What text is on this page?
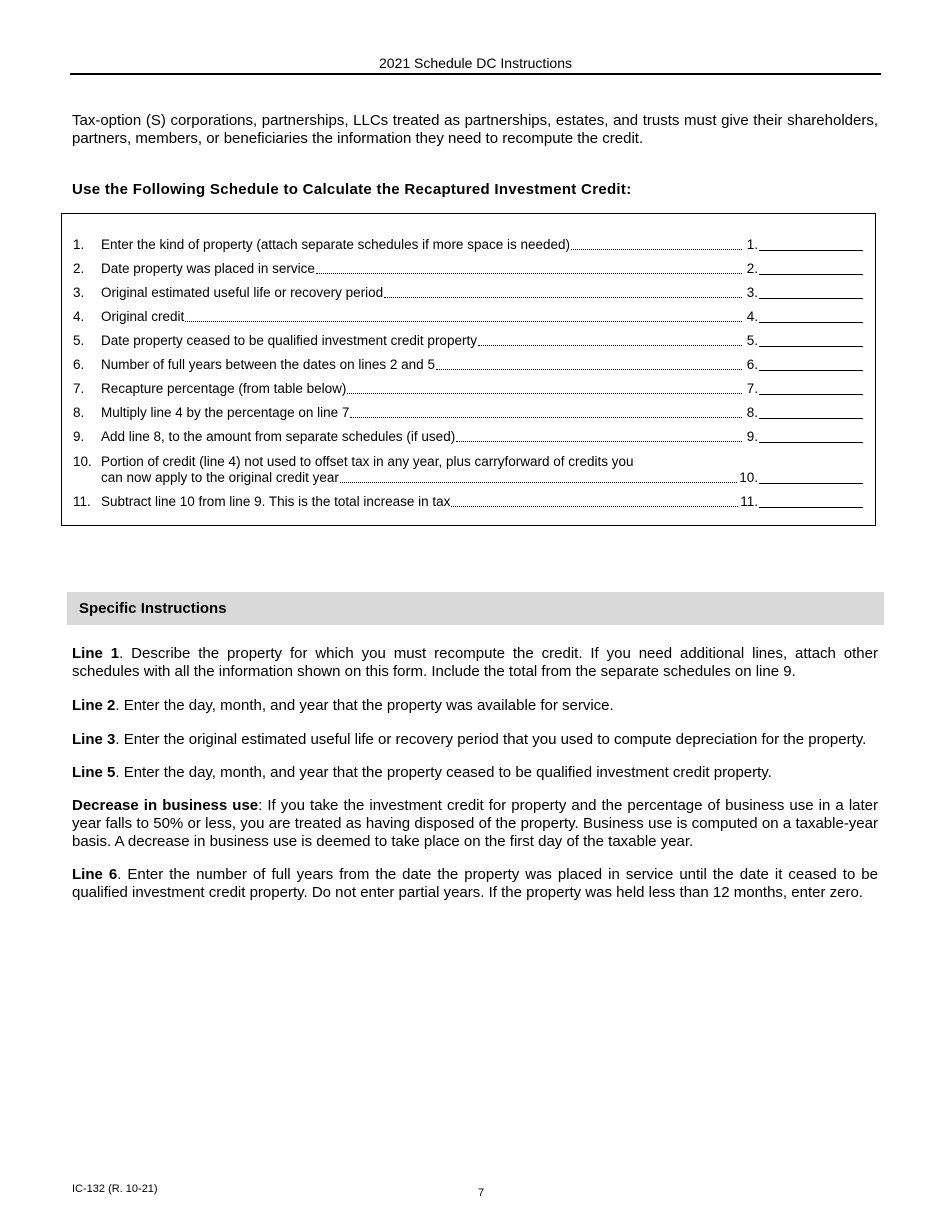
2021 Schedule DC Instructions
Tax-option (S) corporations, partnerships, LLCs treated as partnerships, estates, and trusts must give their shareholders, partners, members, or beneficiaries the information they need to recompute the credit.
Use the Following Schedule to Calculate the Recaptured Investment Credit:
1. Enter the kind of property (attach separate schedules if more space is needed)	1.
2. Date property was placed in service	2.
3. Original estimated useful life or recovery period	3.
4. Original credit	4.
5. Date property ceased to be qualified investment credit property	5.
6. Number of full years between the dates on lines 2 and 5	6.
7. Recapture percentage (from table below)	7.
8. Multiply line 4 by the percentage on line 7	8.
9. Add line 8, to the amount from separate schedules (if used)	9.
10. Portion of credit (line 4) not used to offset tax in any year, plus carryforward of credits you
can now apply to the original credit year	10.
11. Subtract line 10 from line 9. This is the total increase in tax	11.
Specific Instructions
Line 1. Describe the property for which you must recompute the credit. If you need additional lines, attach other schedules with all the information shown on this form. Include the total from the separate schedules on line 9.
Line 2. Enter the day, month, and year that the property was available for service.
Line 3. Enter the original estimated useful life or recovery period that you used to compute depreciation for the property.
Line 5. Enter the day, month, and year that the property ceased to be qualified investment credit property.
Decrease in business use: If you take the investment credit for property and the percentage of business use in a later year falls to 50% or less, you are treated as having disposed of the property. Business use is computed on a taxable-year basis. A decrease in business use is deemed to take place on the first day of the taxable year.
Line 6. Enter the number of full years from the date the property was placed in service until the date it ceased to be qualified investment credit property. Do not enter partial years. If the property was held less than 12 months, enter zero.
IC-132 (R. 10-21)	7
